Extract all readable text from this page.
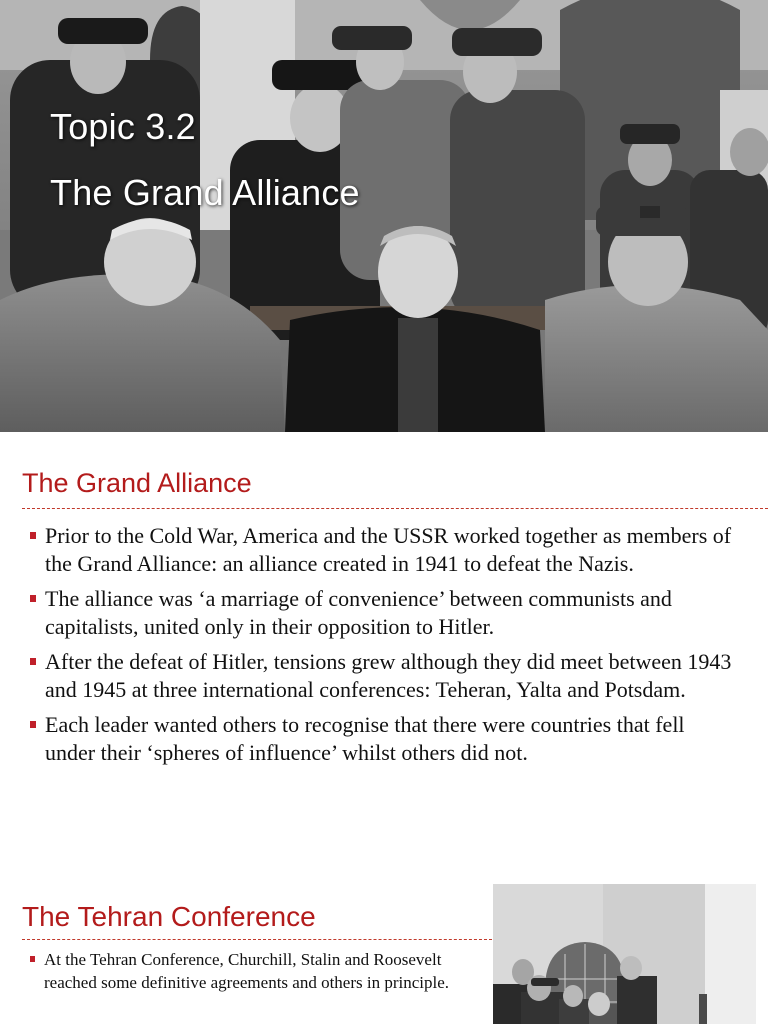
Topic 3.2
The Grand Alliance
The Grand Alliance
Prior to the Cold War, America and the USSR worked together as members of the Grand Alliance: an alliance created in 1941 to defeat the Nazis.
The alliance was ‘a marriage of convenience’ between communists and capitalists, united only in their opposition to Hitler.
After the defeat of Hitler, tensions grew although they did meet between 1943 and 1945 at three international conferences: Teheran, Yalta and Potsdam.
Each leader wanted others to recognise that there were countries that fell under their ‘spheres of influence’ whilst others did not.
The Tehran Conference
At the Tehran Conference, Churchill, Stalin and Roosevelt reached some definitive agreements and others in principle.
